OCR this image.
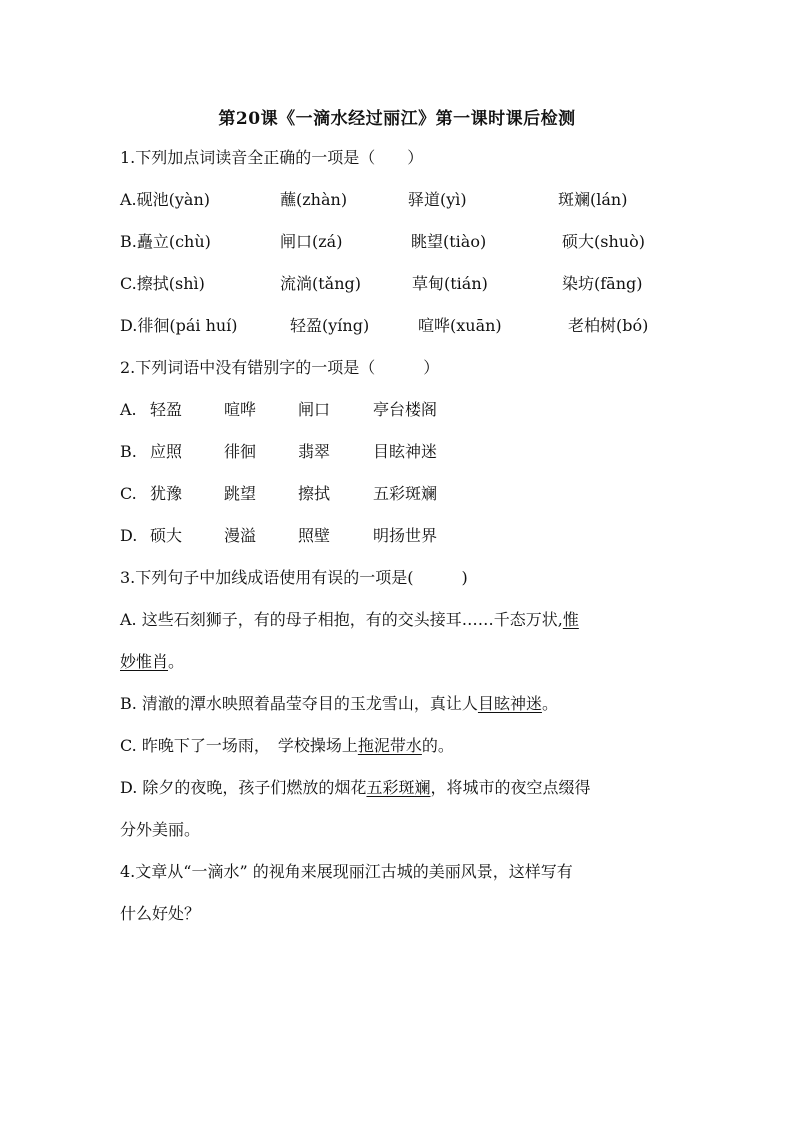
第20课《一滴水经过丽江》第一课时课后检测
1.下列加点词读音全正确的一项是（　　）
A.砚池(yàn)	蘸(zhàn)	驿道(yì)	斑斓(lán)
B.矗立(chù)	闸口(zá)	眺望(tiào)	硕大(shuò)
C.擦拭(shì)	流淌(tǎng)	草甸(tián)	染坊(fāng)
D.徘徊(pái huí)	轻盈(yíng)	喧哗(xuān)	老柏树(bó)
2.下列词语中没有错别字的一项是（　　　）
A. 轻盈	喧哗	闸口	亭台楼阁
B. 应照	徘徊	翡翠	目眩神迷
C. 犹豫	跳望	擦拭	五彩斑斓
D. 硕大	漫溢	照壁	明扬世界
3.下列句子中加线成语使用有误的一项是(　　　)
A. 这些石刻狮子，有的母子相抱，有的交头接耳……千态万状,惟
妙惟肖。
B. 清澈的潭水映照着晶莹夺目的玉龙雪山，真让人目眩神迷。
C. 昨晚下了一场雨，　学校操场上拖泥带水的。
D. 除夕的夜晚，孩子们燃放的烟花五彩斑斓，将城市的夜空点缀得
分外美丽。
4.文章从“一滴水” 的视角来展现丽江古城的美丽风景，这样写有
什么好处？
